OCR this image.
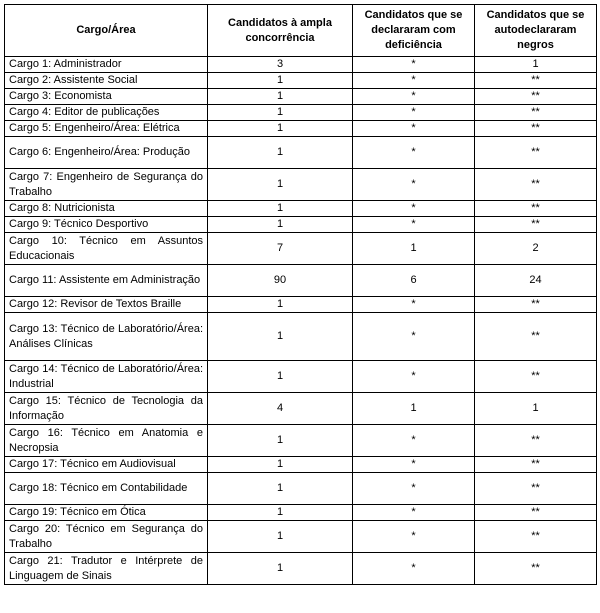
Cargo/Área	Candidatos à ampla concorrência	Candidatos que se declararam com deficiência	Candidatos que se autodeclararam negros
Cargo 1: Administrador	3	*	1
Cargo 2: Assistente Social	1	*	**
Cargo 3: Economista	1	*	**
Cargo 4: Editor de publicações	1	*	**
Cargo 5: Engenheiro/Área: Elétrica	1	*	**
Cargo 6: Engenheiro/Área: Produção	1	*	**
Cargo 7: Engenheiro de Segurança do Trabalho	1	*	**
Cargo 8: Nutricionista	1	*	**
Cargo 9: Técnico Desportivo	1	*	**
Cargo 10: Técnico em Assuntos Educacionais	7	1	2
Cargo 11: Assistente em Administração	90	6	24
Cargo 12: Revisor de Textos Braille	1	*	**
Cargo 13: Técnico de Laboratório/Área: Análises Clínicas	1	*	**
Cargo 14: Técnico de Laboratório/Área: Industrial	1	*	**
Cargo 15: Técnico de Tecnologia da Informação	4	1	1
Cargo 16: Técnico em Anatomia e Necropsia	1	*	**
Cargo 17: Técnico em Audiovisual	1	*	**
Cargo 18: Técnico em Contabilidade	1	*	**
Cargo 19: Técnico em Ótica	1	*	**
Cargo 20: Técnico em Segurança do Trabalho	1	*	**
Cargo 21: Tradutor e Intérprete de Linguagem de Sinais	1	*	**
